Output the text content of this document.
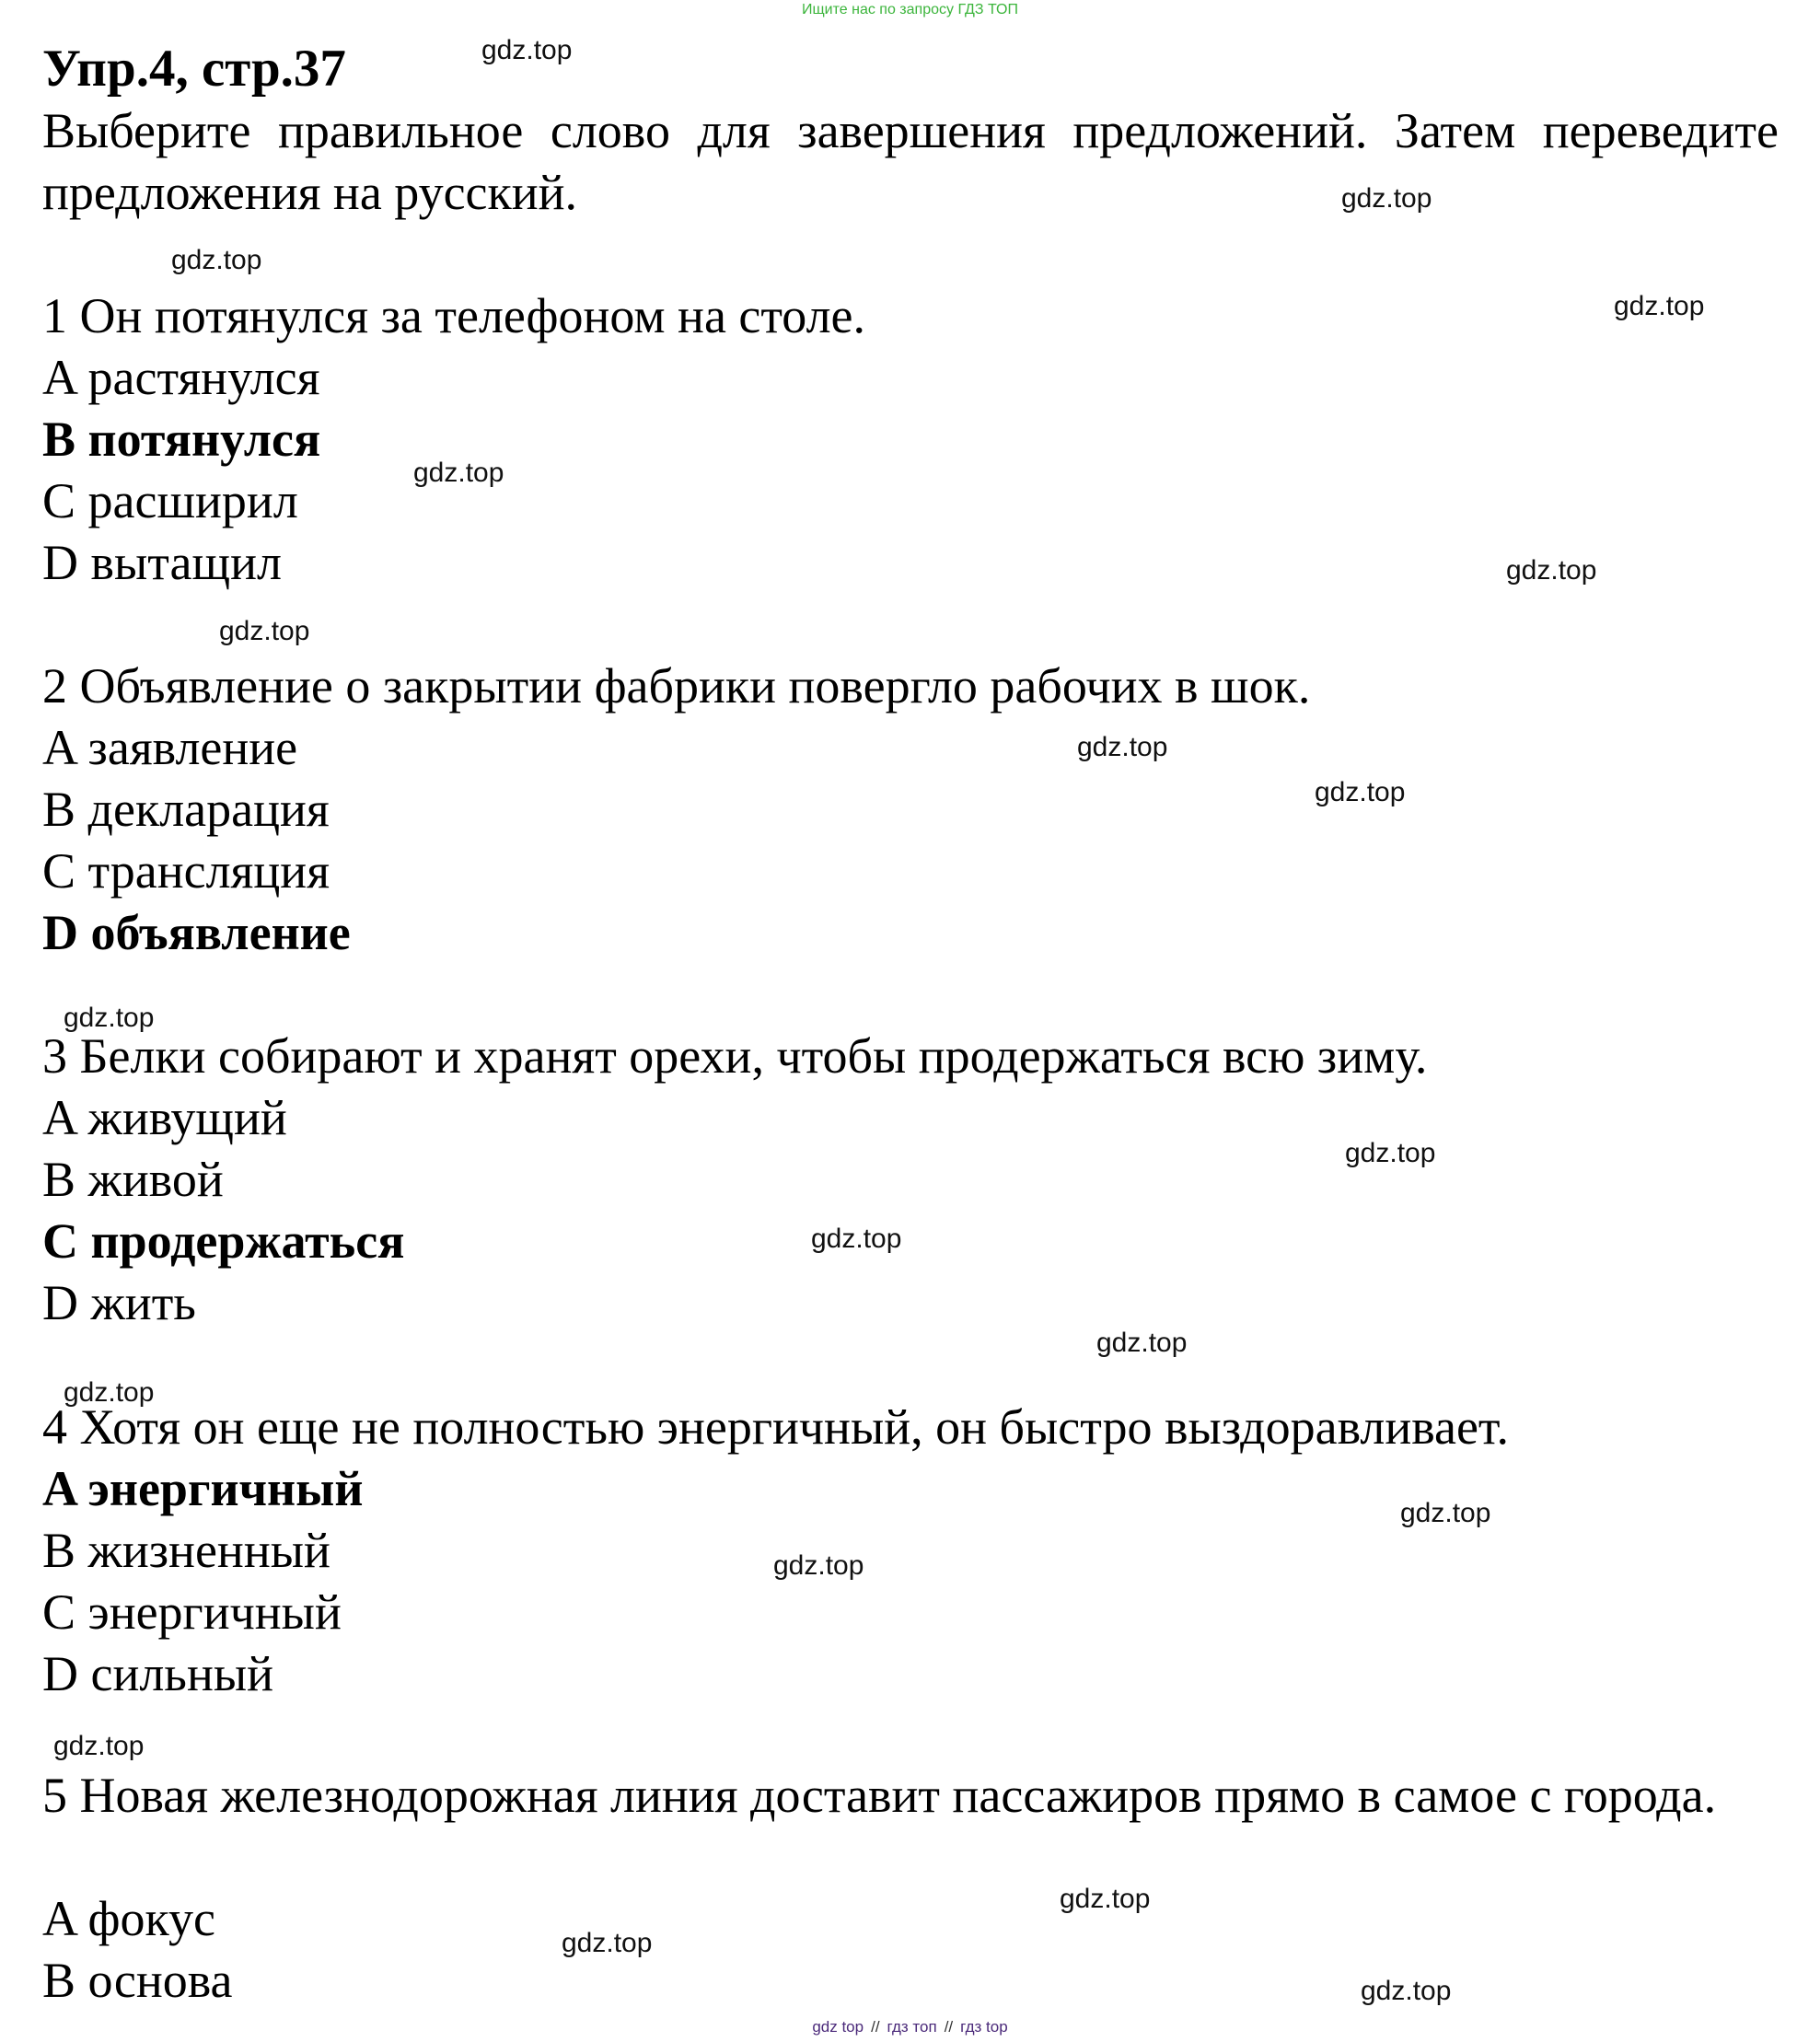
Ищите нас по запросу ГДЗ ТОП
Упр.4, стр.37

Выберите правильное слово для завершения предложений. Затем переведите предложения на русский.

1 Он потянулся за телефоном на столе.
A растянулся
B потянулся
C расширил
D вытащил
2 Объявление о закрытии фабрики повергло рабочих в шок.
A заявление
B декларация
C трансляция
D объявление
3 Белки собирают и хранят орехи, чтобы продержаться всю зиму.
A живущий
B живой
C продержаться
D жить
4 Хотя он еще не полностью энергичный, он быстро выздоравливает.
A энергичный
B жизненный
C энергичный
D сильный

5 Новая железнодорожная линия доставит пассажиров прямо в самое с города.

A фокус
B основа
gdz.top
gdz.top
gdz.top
gdz.top
gdz.top
gdz.top
gdz.top
gdz.top
gdz.top
gdz.top
gdz.top
gdz.top
gdz.top
gdz.top
gdz.top
gdz.top
gdz.top
gdz.top
gdz.top
gdz.top
gdz top // гдз топ // гдз top
